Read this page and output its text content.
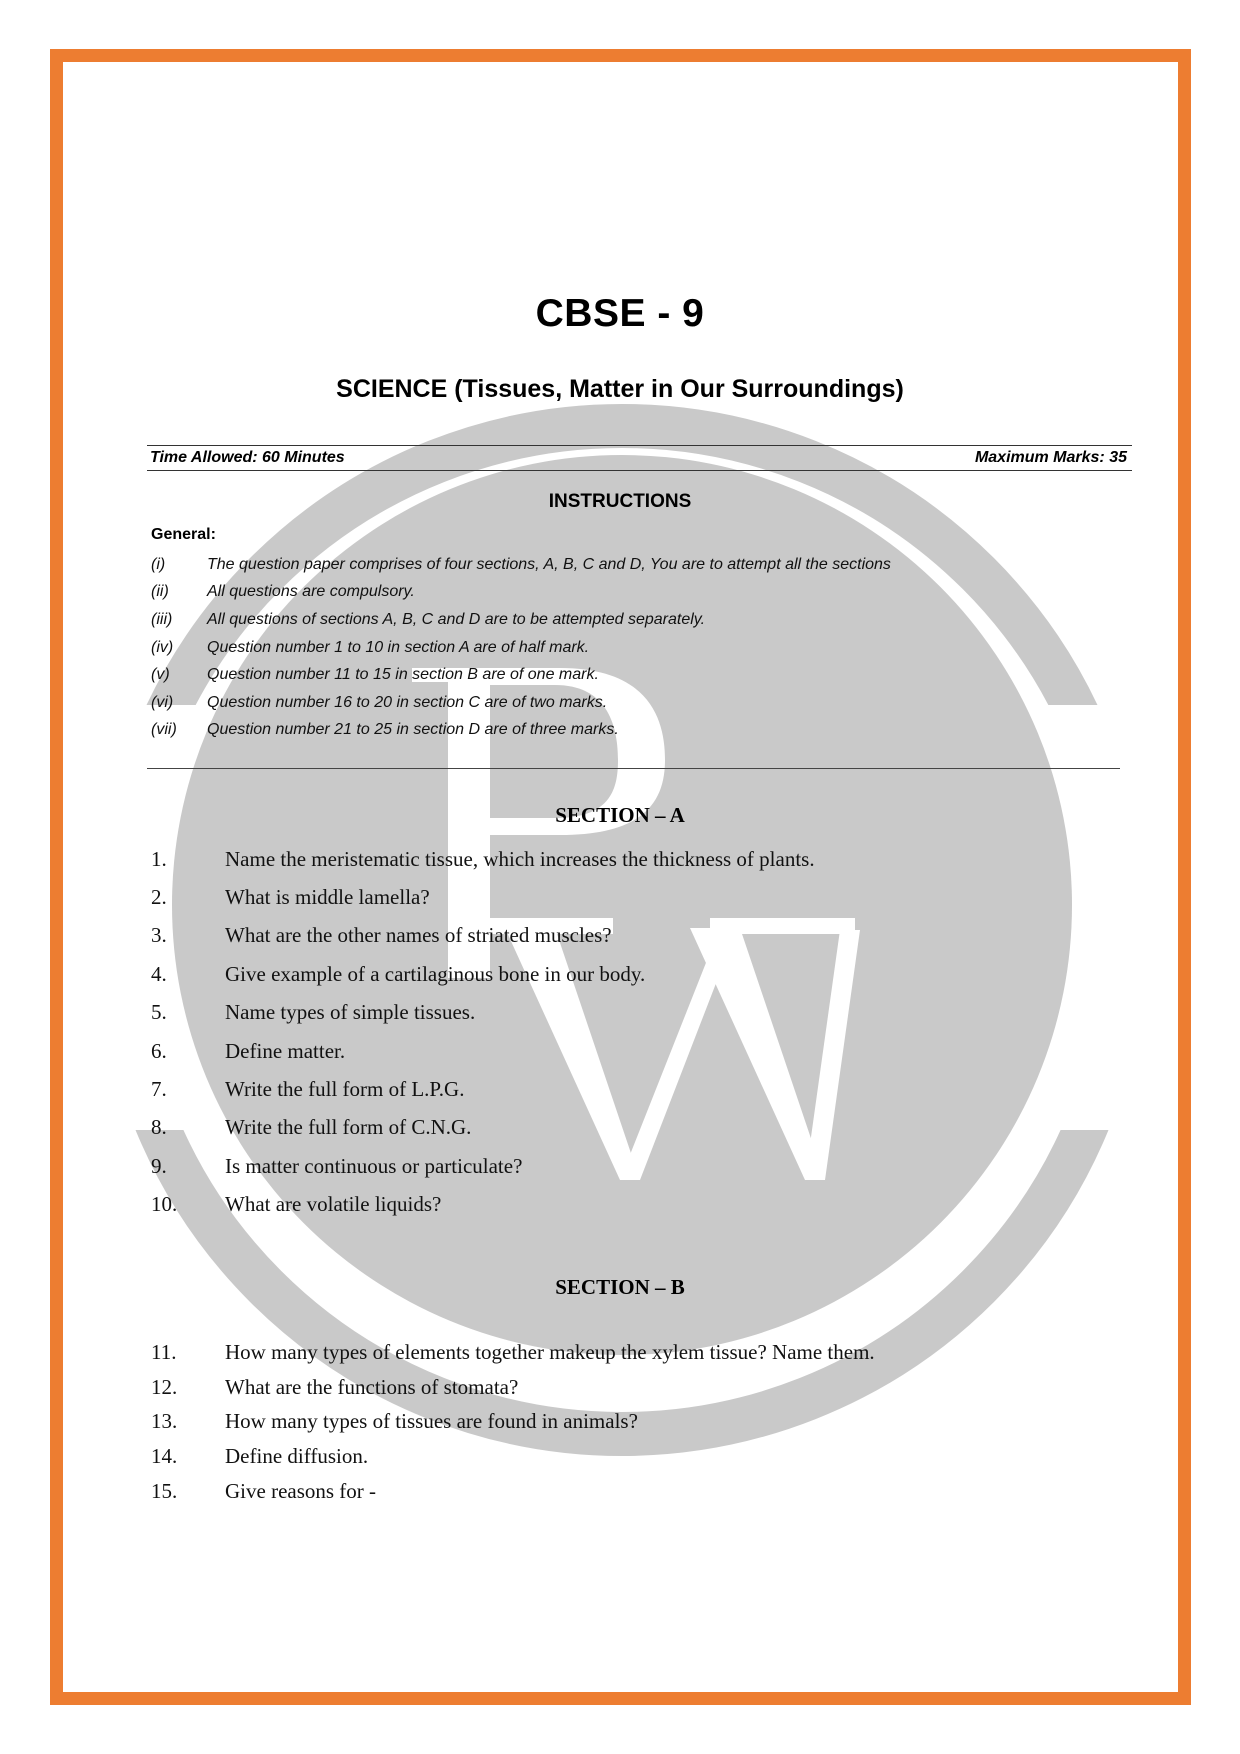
CBSE - 9
SCIENCE (Tissues, Matter in Our Surroundings)
Time Allowed: 60 Minutes	Maximum Marks: 35
INSTRUCTIONS
General:
(i)	The question paper comprises of four sections, A, B, C and D, You are to attempt all the sections
(ii)	All questions are compulsory.
(iii)	All questions of sections A, B, C and D are to be attempted separately.
(iv)	Question number 1 to 10 in section A are of half mark.
(v)	Question number 11 to 15 in section B are of one mark.
(vi)	Question number 16 to 20 in section C are of two marks.
(vii)	Question number 21 to 25 in section D are of three marks.
SECTION – A
1.	Name the meristematic tissue, which increases the thickness of plants.
2.	What is middle lamella?
3.	What are the other names of striated muscles?
4.	Give example of a cartilaginous bone in our body.
5.	Name types of simple tissues.
6.	Define matter.
7.	Write the full form of L.P.G.
8.	Write the full form of C.N.G.
9.	Is matter continuous or particulate?
10.	What are volatile liquids?
SECTION – B
11.	How many types of elements together makeup the xylem tissue? Name them.
12.	What are the functions of stomata?
13.	How many types of tissues are found in animals?
14.	Define diffusion.
15.	Give reasons for -
